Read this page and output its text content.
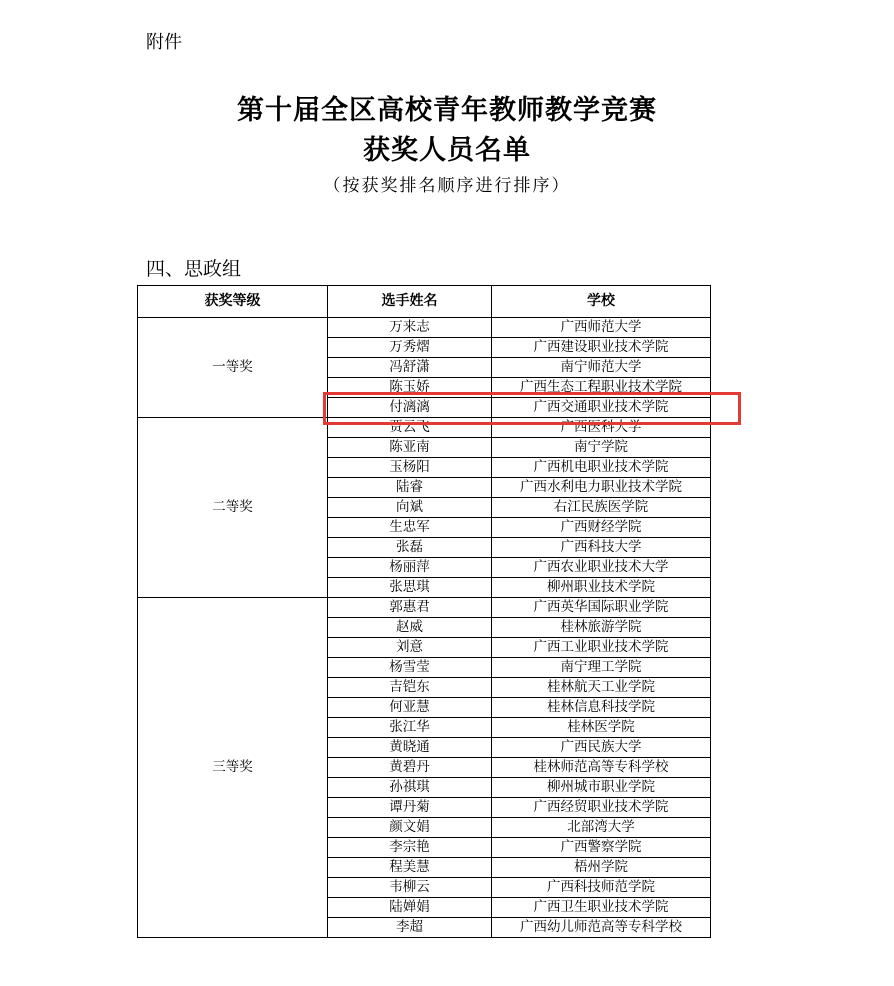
附件
第十届全区高校青年教师教学竞赛
获奖人员名单
（按获奖排名顺序进行排序）
四、思政组
获奖等级	选手姓名	学校
一等奖	万来志	广西师范大学
	万秀熠	广西建设职业技术学院
	冯舒潇	南宁师范大学
	陈玉娇	广西生态工程职业技术学院
	付漓漓	广西交通职业技术学院
二等奖	贾云飞	广西医科大学
	陈亚南	南宁学院
	玉杨阳	广西机电职业技术学院
	陆睿	广西水利电力职业技术学院
	向斌	右江民族医学院
	生忠军	广西财经学院
	张磊	广西科技大学
	杨丽萍	广西农业职业技术大学
	张思琪	柳州职业技术学院
三等奖	郭惠君	广西英华国际职业学院
	赵威	桂林旅游学院
	刘意	广西工业职业技术学院
	杨雪莹	南宁理工学院
	吉铠东	桂林航天工业学院
	何亚慧	桂林信息科技学院
	张江华	桂林医学院
	黄晓通	广西民族大学
	黄碧丹	桂林师范高等专科学校
	孙祺琪	柳州城市职业学院
	谭丹菊	广西经贸职业技术学院
	颜文娟	北部湾大学
	李宗艳	广西警察学院
	程美慧	梧州学院
	韦柳云	广西科技师范学院
	陆婵娟	广西卫生职业技术学院
	李超	广西幼儿师范高等专科学校
